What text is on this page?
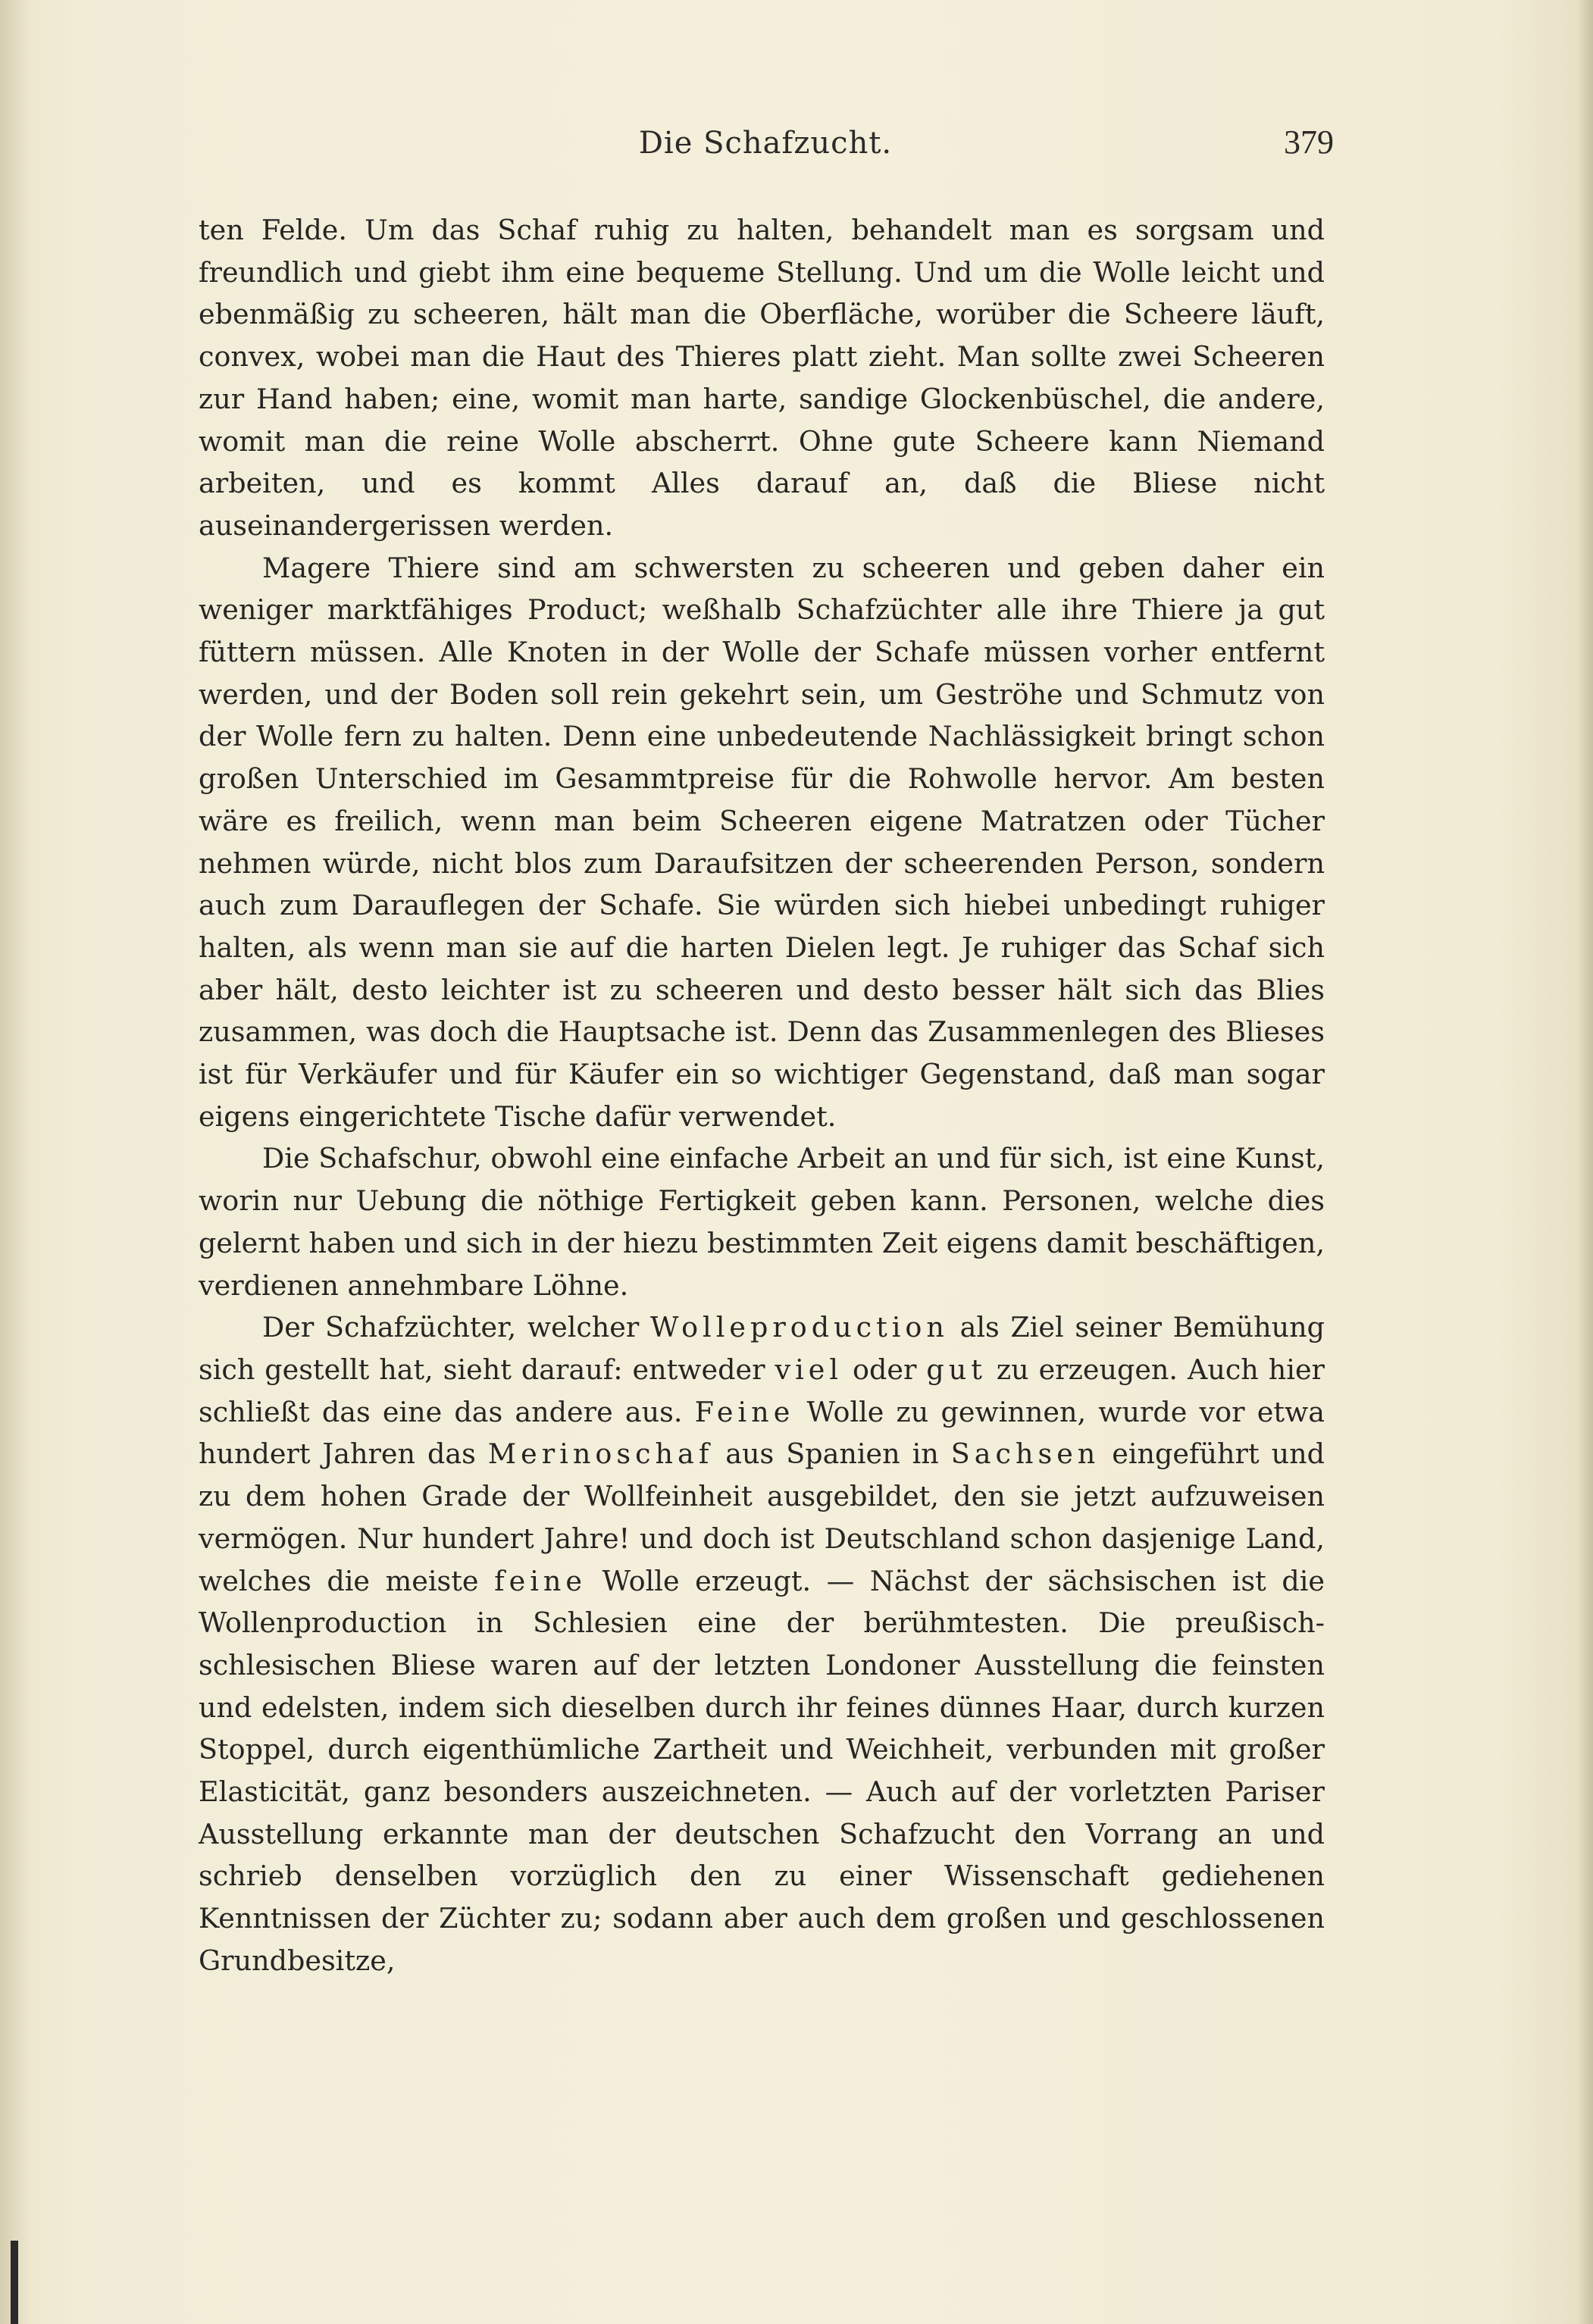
Die Schafzucht.	379

ten Felde. Um das Schaf ruhig zu halten, behandelt man es sorgsam und freundlich und giebt ihm eine bequeme Stellung. Und um die Wolle leicht und ebenmäßig zu scheeren, hält man die Oberfläche, worüber die Scheere läuft, convex, wobei man die Haut des Thieres platt zieht. Man sollte zwei Scheeren zur Hand haben; eine, womit man harte, sandige Glockenbüschel, die andere, womit man die reine Wolle abscherrt. Ohne gute Scheere kann Niemand arbeiten, und es kommt Alles darauf an, daß die Bliese nicht auseinandergerissen werden.

Magere Thiere sind am schwersten zu scheeren und geben daher ein weniger marktfähiges Product; weßhalb Schafzüchter alle ihre Thiere ja gut füttern müssen. Alle Knoten in der Wolle der Schafe müssen vorher entfernt werden, und der Boden soll rein gekehrt sein, um Geströhe und Schmutz von der Wolle fern zu halten. Denn eine unbedeutende Nachlässigkeit bringt schon großen Unterschied im Gesammtpreise für die Rohwolle hervor. Am besten wäre es freilich, wenn man beim Scheeren eigene Matratzen oder Tücher nehmen würde, nicht blos zum Daraufsitzen der scheerenden Person, sondern auch zum Darauflegen der Schafe. Sie würden sich hiebei unbedingt ruhiger halten, als wenn man sie auf die harten Dielen legt. Je ruhiger das Schaf sich aber hält, desto leichter ist zu scheeren und desto besser hält sich das Blies zusammen, was doch die Hauptsache ist. Denn das Zusammenlegen des Blieses ist für Verkäufer und für Käufer ein so wichtiger Gegenstand, daß man sogar eigens eingerichtete Tische dafür verwendet.

Die Schafschur, obwohl eine einfache Arbeit an und für sich, ist eine Kunst, worin nur Uebung die nöthige Fertigkeit geben kann. Personen, welche dies gelernt haben und sich in der hiezu bestimmten Zeit eigens damit beschäftigen, verdienen annehmbare Löhne.

Der Schafzüchter, welcher Wolleproduction als Ziel seiner Bemühung sich gestellt hat, sieht darauf: entweder viel oder gut zu erzeugen. Auch hier schließt das eine das andere aus. Feine Wolle zu gewinnen, wurde vor etwa hundert Jahren das Merinoschaf aus Spanien in Sachsen eingeführt und zu dem hohen Grade der Wollfeinheit ausgebildet, den sie jetzt aufzuweisen vermögen. Nur hundert Jahre! und doch ist Deutschland schon dasjenige Land, welches die meiste feine Wolle erzeugt. — Nächst der sächsischen ist die Wollenproduction in Schlesien eine der berühmtesten. Die preußisch-schlesischen Bliese waren auf der letzten Londoner Ausstellung die feinsten und edelsten, indem sich dieselben durch ihr feines dünnes Haar, durch kurzen Stoppel, durch eigenthümliche Zartheit und Weichheit, verbunden mit großer Elasticität, ganz besonders auszeichneten. — Auch auf der vorletzten Pariser Ausstellung erkannte man der deutschen Schafzucht den Vorrang an und schrieb denselben vorzüglich den zu einer Wissenschaft gediehenen Kenntnissen der Züchter zu; sodann aber auch dem großen und geschlossenen Grundbesitze,
